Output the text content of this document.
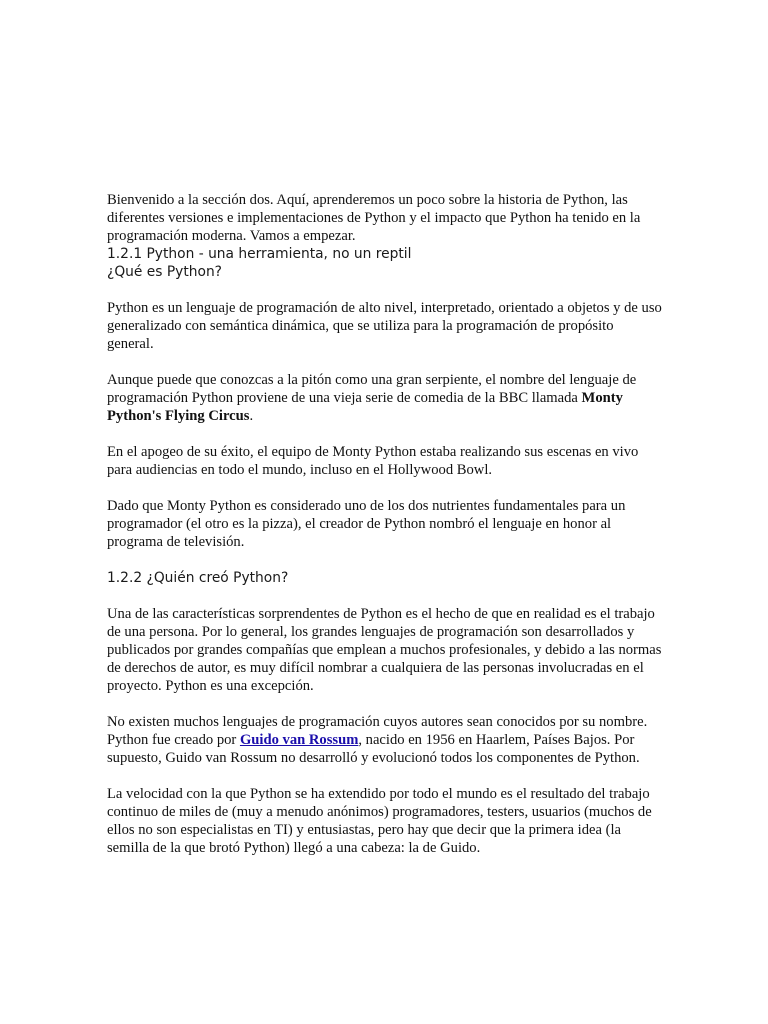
Bienvenido a la sección dos. Aquí, aprenderemos un poco sobre la historia de Python, las diferentes versiones e implementaciones de Python y el impacto que Python ha tenido en la programación moderna. Vamos a empezar.

1.2.1 Python - una herramienta, no un reptil
¿Qué es Python?

Python es un lenguaje de programación de alto nivel, interpretado, orientado a objetos y de uso generalizado con semántica dinámica, que se utiliza para la programación de propósito general.

Aunque puede que conozcas a la pitón como una gran serpiente, el nombre del lenguaje de programación Python proviene de una vieja serie de comedia de la BBC llamada Monty Python's Flying Circus.

En el apogeo de su éxito, el equipo de Monty Python estaba realizando sus escenas en vivo para audiencias en todo el mundo, incluso en el Hollywood Bowl.

Dado que Monty Python es considerado uno de los dos nutrientes fundamentales para un programador (el otro es la pizza), el creador de Python nombró el lenguaje en honor al programa de televisión.

1.2.2 ¿Quién creó Python?

Una de las características sorprendentes de Python es el hecho de que en realidad es el trabajo de una persona. Por lo general, los grandes lenguajes de programación son desarrollados y publicados por grandes compañías que emplean a muchos profesionales, y debido a las normas de derechos de autor, es muy difícil nombrar a cualquiera de las personas involucradas en el proyecto. Python es una excepción.

No existen muchos lenguajes de programación cuyos autores sean conocidos por su nombre. Python fue creado por Guido van Rossum, nacido en 1956 en Haarlem, Países Bajos. Por supuesto, Guido van Rossum no desarrolló y evolucionó todos los componentes de Python.

La velocidad con la que Python se ha extendido por todo el mundo es el resultado del trabajo continuo de miles de (muy a menudo anónimos) programadores, testers, usuarios (muchos de ellos no son especialistas en TI) y entusiastas, pero hay que decir que la primera idea (la semilla de la que brotó Python) llegó a una cabeza: la de Guido.
